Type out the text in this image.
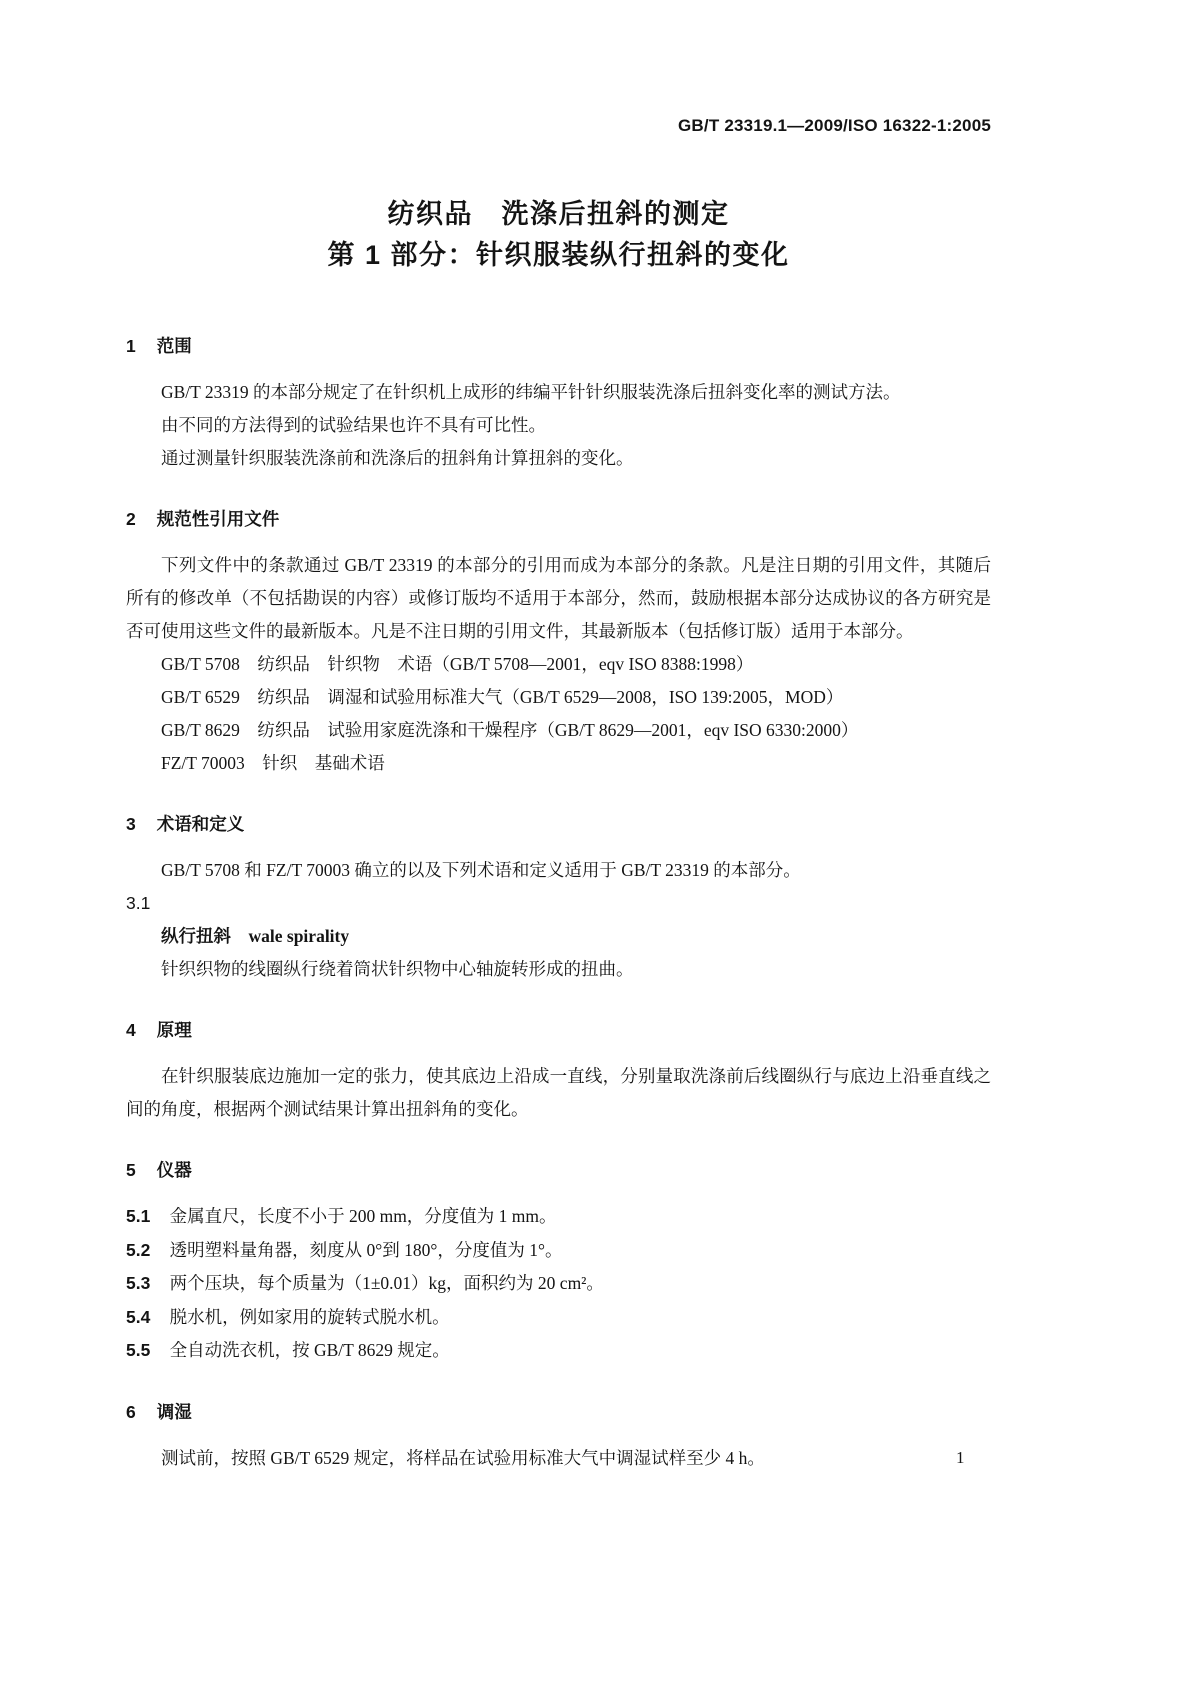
GB/T 23319.1—2009/ISO 16322-1:2005
纺织品　洗涤后扭斜的测定
第 1 部分：针织服装纵行扭斜的变化
1 范围

GB/T 23319 的本部分规定了在针织机上成形的纬编平针针织服装洗涤后扭斜变化率的测试方法。

由不同的方法得到的试验结果也许不具有可比性。

通过测量针织服装洗涤前和洗涤后的扭斜角计算扭斜的变化。

2 规范性引用文件

下列文件中的条款通过 GB/T 23319 的本部分的引用而成为本部分的条款。凡是注日期的引用文件，其随后所有的修改单（不包括勘误的内容）或修订版均不适用于本部分，然而，鼓励根据本部分达成协议的各方研究是否可使用这些文件的最新版本。凡是不注日期的引用文件，其最新版本（包括修订版）适用于本部分。

GB/T 5708　纺织品　针织物　术语（GB/T 5708—2001，eqv ISO 8388:1998）

GB/T 6529　纺织品　调湿和试验用标准大气（GB/T 6529—2008，ISO 139:2005，MOD）

GB/T 8629　纺织品　试验用家庭洗涤和干燥程序（GB/T 8629—2001，eqv ISO 6330:2000）

FZ/T 70003　针织　基础术语

3 术语和定义

GB/T 5708 和 FZ/T 70003 确立的以及下列术语和定义适用于 GB/T 23319 的本部分。

3.1

纵行扭斜 wale spirality

针织织物的线圈纵行绕着筒状针织物中心轴旋转形成的扭曲。

4 原理

在针织服装底边施加一定的张力，使其底边上沿成一直线，分别量取洗涤前后线圈纵行与底边上沿垂直线之间的角度，根据两个测试结果计算出扭斜角的变化。

5 仪器

5.1 金属直尺，长度不小于 200 mm，分度值为 1 mm。

5.2 透明塑料量角器，刻度从 0°到 180°，分度值为 1°。

5.3 两个压块，每个质量为（1±0.01）kg，面积约为 20 cm²。

5.4 脱水机，例如家用的旋转式脱水机。

5.5 全自动洗衣机，按 GB/T 8629 规定。

6 调湿

测试前，按照 GB/T 6529 规定，将样品在试验用标准大气中调湿试样至少 4 h。	1
